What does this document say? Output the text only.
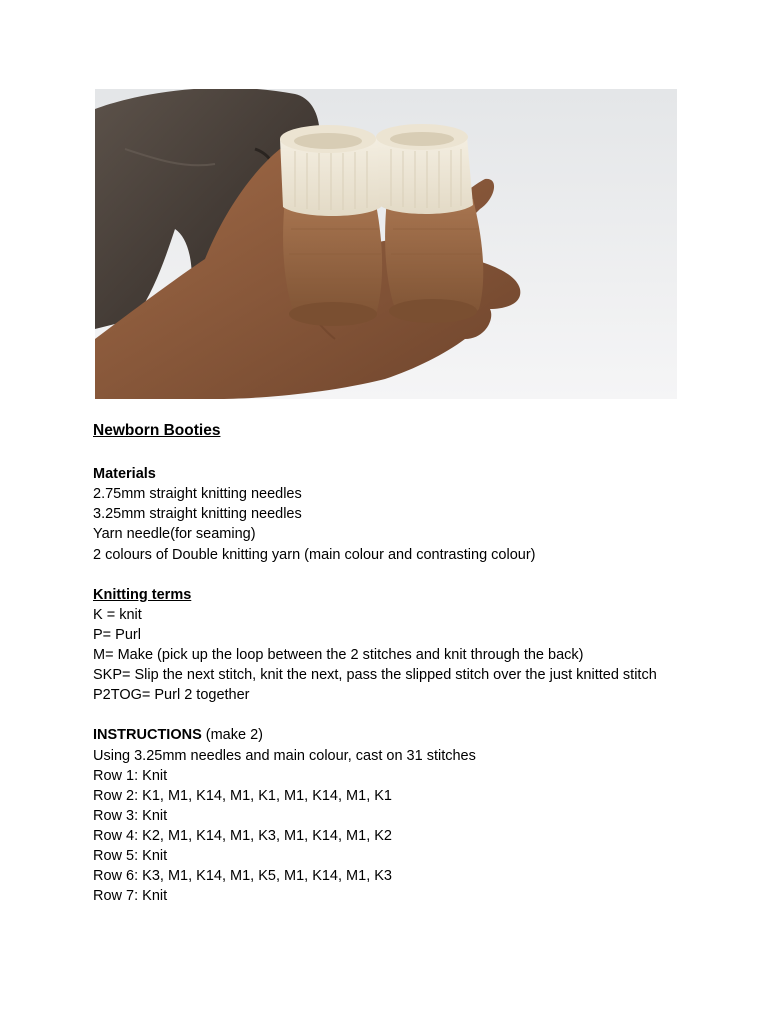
Newborn Booties
Materials
2.75mm straight knitting needles
3.25mm straight knitting needles
Yarn needle(for seaming)
2 colours of Double knitting yarn (main colour and contrasting colour)
Knitting terms
K = knit
P= Purl
M= Make (pick up the loop between the 2 stitches and knit through the back)
SKP= Slip the next stitch, knit the next, pass the slipped stitch over the just knitted stitch
P2TOG= Purl 2 together
INSTRUCTIONS (make 2)
Using 3.25mm needles and main colour, cast on 31 stitches
Row 1: Knit
Row 2: K1, M1, K14, M1, K1, M1, K14, M1, K1
Row 3: Knit
Row 4: K2, M1, K14, M1, K3, M1, K14, M1, K2
Row 5: Knit
Row 6: K3, M1, K14, M1, K5, M1, K14, M1, K3
Row 7: Knit
